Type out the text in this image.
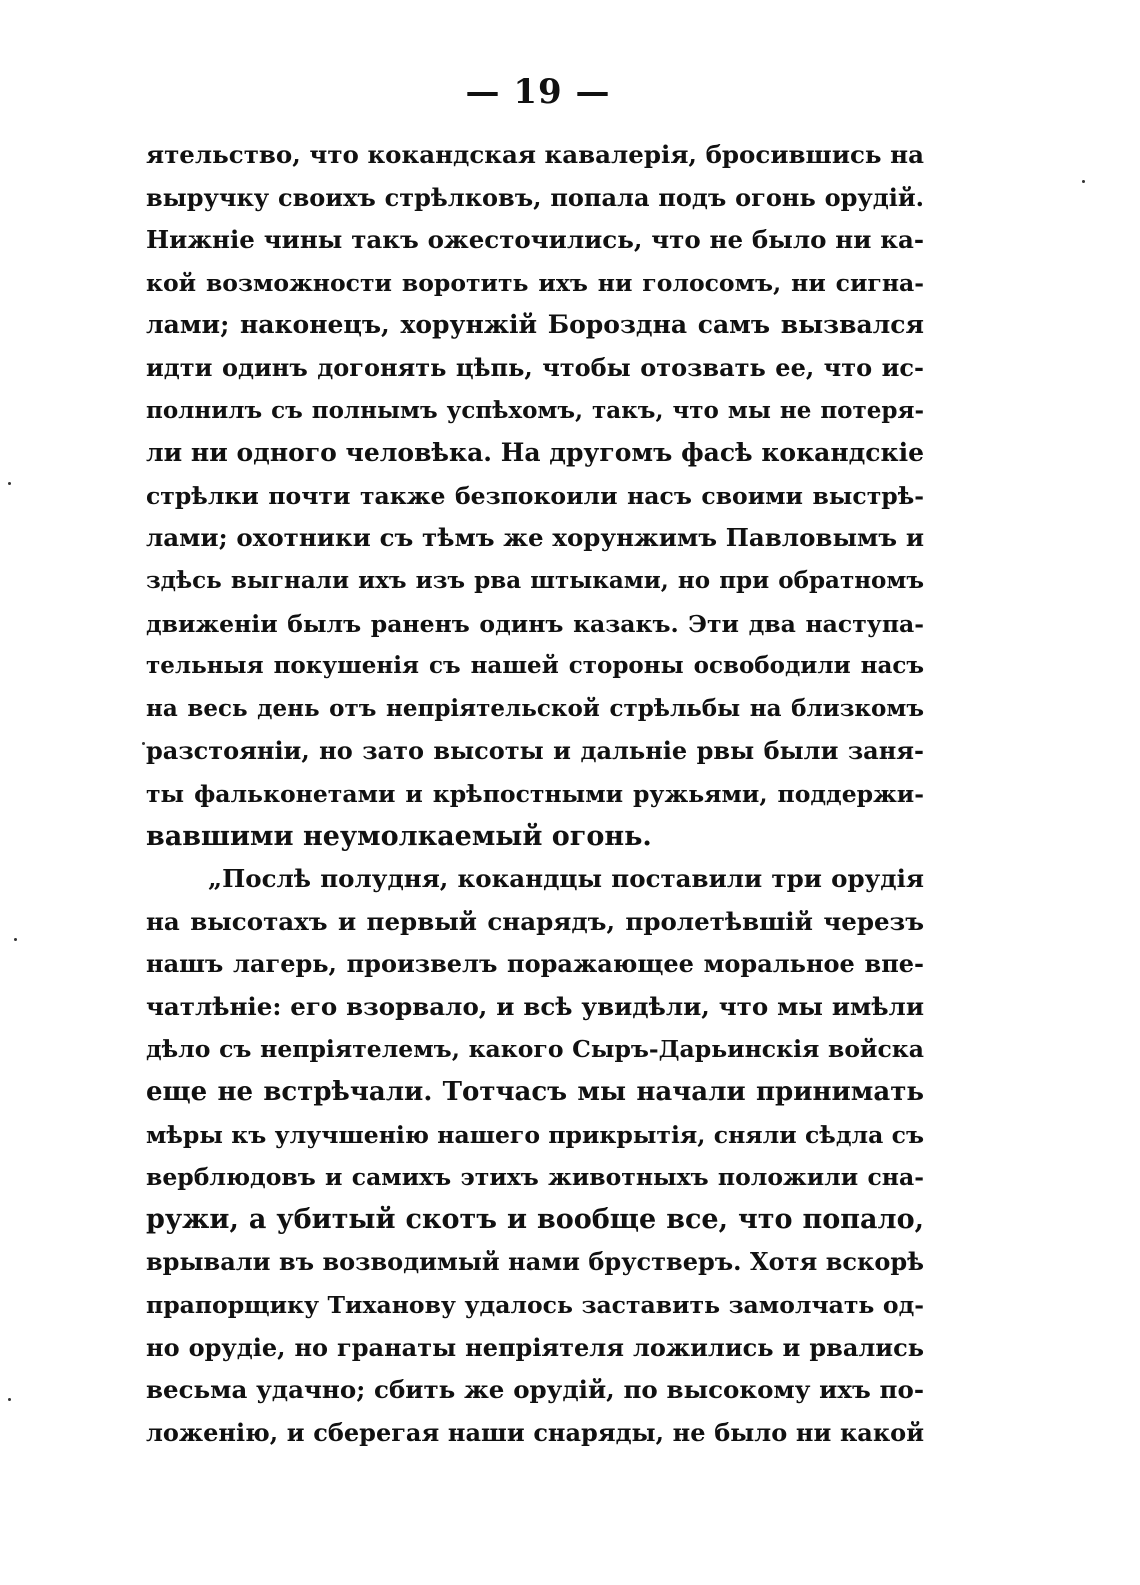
— 19 —
ятельство, что кокандская кавалерія, бросившись на
выручку своихъ стрѣлковъ, попала подъ огонь орудій.
Нижніе чины такъ ожесточились, что не было ни ка-
кой возможности воротить ихъ ни голосомъ, ни сигна-
лами; наконецъ, хорунжій Борозднa самъ вызвался
идти одинъ догонять цѣпь, чтобы отозвать ее, что ис-
полнилъ съ полнымъ успѣхомъ, такъ, что мы не потеря-
ли ни одного человѣка. На другомъ фасѣ кокандскіе
стрѣлки почти также безпокоили насъ своими выстрѣ-
лами; охотники съ тѣмъ же хорунжимъ Павловымъ и
здѣсь выгнали ихъ изъ рва штыками, но при обратномъ
движеніи былъ раненъ одинъ казакъ. Эти два наступа-
тельныя покушенія съ нашей стороны освободили насъ
на весь день отъ непріятельской стрѣльбы на близкомъ
разстояніи, но зато высоты и дальніе рвы были заня-
ты фальконетами и крѣпостными ружьями, поддержи-
вавшими неумолкаемый огонь.
„Послѣ полудня, кокандцы поставили три орудія
на высотахъ и первый снарядъ, пролетѣвшій черезъ
нашъ лагерь, произвелъ поражающее моральное впе-
чатлѣніе: его взорвало, и всѣ увидѣли, что мы имѣли
дѣло съ непріятелемъ, какого Сыръ-Дарьинскія войска
еще не встрѣчали. Тотчасъ мы начали принимать
мѣры къ улучшенію нашего прикрытія, сняли сѣдла съ
верблюдовъ и самихъ этихъ животныхъ положили сна-
ружи, а убитый скотъ и вообще все, что попало,
врывали въ возводимый нами брустверъ. Хотя вскорѣ
прапорщику Тиханову удалось заставить замолчать од-
но орудіе, но гранаты непріятеля ложились и рвались
весьма удачно; сбить же орудій, по высокому ихъ по-
ложенію, и сберегая наши снаряды, не было ни какой
